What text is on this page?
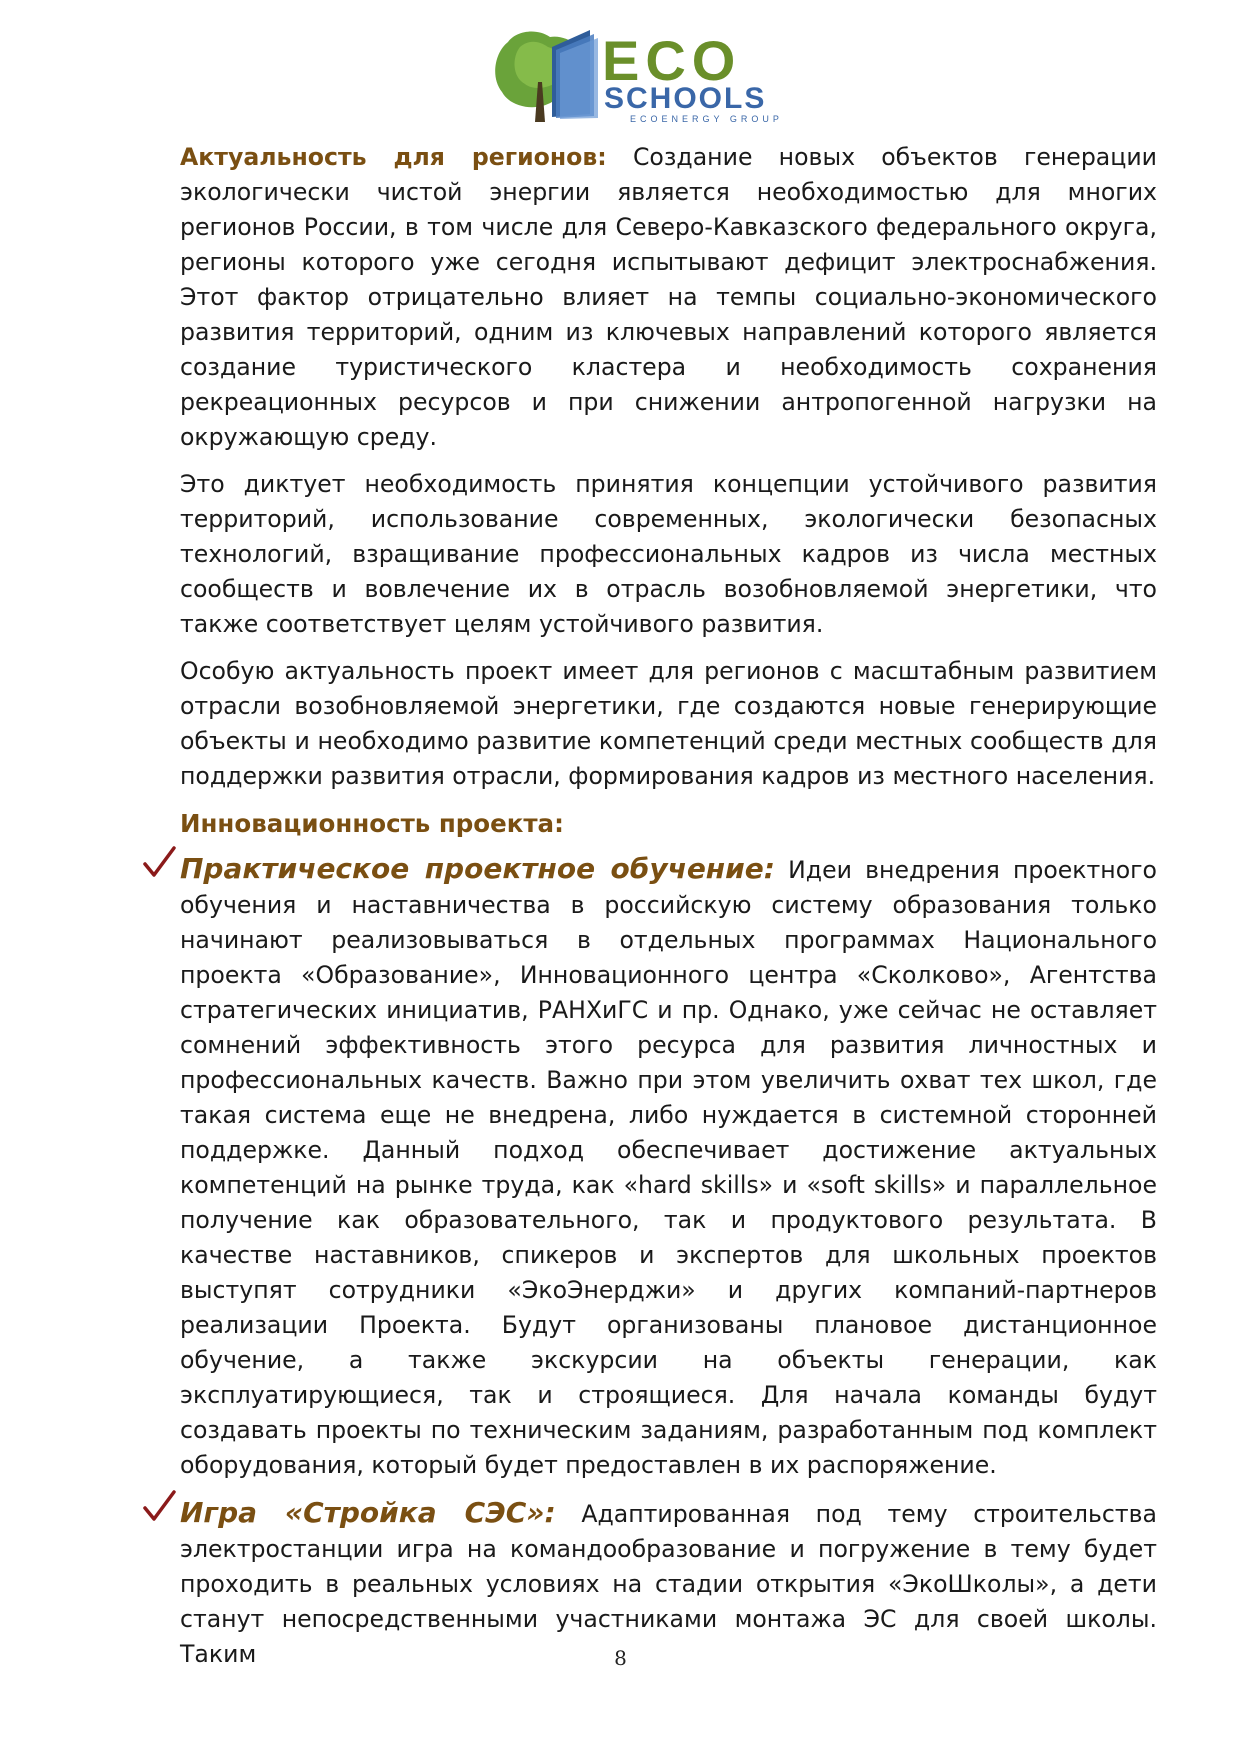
ECO
SCHOOLS
ECOENERGY GROUP

Актуальность для регионов: Создание новых объектов генерации экологически чистой энергии является необходимостью для многих регионов России, в том числе для Северо-Кавказского федерального округа, регионы которого уже сегодня испытывают дефицит электроснабжения. Этот фактор отрицательно влияет на темпы социально-экономического развития территорий, одним из ключевых направлений которого является создание туристического кластера и необходимость сохранения рекреационных ресурсов и при снижении антропогенной нагрузки на окружающую среду.

Это диктует необходимость принятия концепции устойчивого развития территорий, использование современных, экологически безопасных технологий, взращивание профессиональных кадров из числа местных сообществ и вовлечение их в отрасль возобновляемой энергетики, что также соответствует целям устойчивого развития.

Особую актуальность проект имеет для регионов с масштабным развитием отрасли возобновляемой энергетики, где создаются новые генерирующие объекты и необходимо развитие компетенций среди местных сообществ для поддержки развития отрасли, формирования кадров из местного населения.

Инновационность проекта:
Практическое проектное обучение: Идеи внедрения проектного обучения и наставничества в российскую систему образования только начинают реализовываться в отдельных программах Национального проекта «Образование», Инновационного центра «Сколково», Агентства стратегических инициатив, РАНХиГС и пр. Однако, уже сейчас не оставляет сомнений эффективность этого ресурса для развития личностных и профессиональных качеств. Важно при этом увеличить охват тех школ, где такая система еще не внедрена, либо нуждается в системной сторонней поддержке. Данный подход обеспечивает достижение актуальных компетенций на рынке труда, как «hard skills» и «soft skills» и параллельное получение как образовательного, так и продуктового результата. В качестве наставников, спикеров и экспертов для школьных проектов выступят сотрудники «ЭкоЭнерджи» и других компаний-партнеров реализации Проекта. Будут организованы плановое дистанционное обучение, а также экскурсии на объекты генерации, как эксплуатирующиеся, так и строящиеся. Для начала команды будут создавать проекты по техническим заданиям, разработанным под комплект оборудования, который будет предоставлен в их распоряжение.
Игра «Стройка СЭС»: Адаптированная под тему строительства электростанции игра на командообразование и погружение в тему будет проходить в реальных условиях на стадии открытия «ЭкоШколы», а дети станут непосредственными участниками монтажа ЭС для своей школы. Таким	8
